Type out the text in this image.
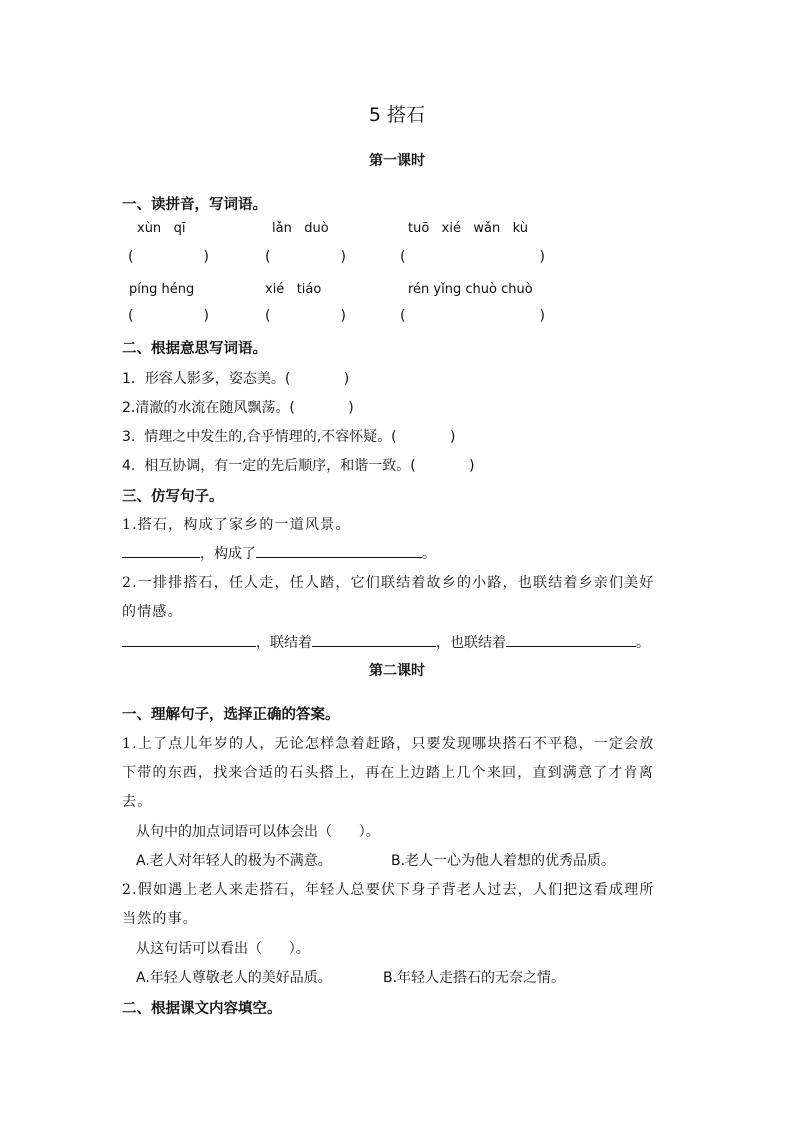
5 搭石
第一课时
一、读拼音，写词语。
xùn   qī	lǎn   duò	tuō   xié   wǎn   kù
(	)	(	)	(	)
píng héng	xié   tiáo	rén yǐng chuò chuò
(	)	(	)	(	)
二、根据意思写词语。
1．形容人影多，姿态美。(            )
2.清澈的水流在随风飘荡。(            )
3.  情理之中发生的,合乎情理的,不容怀疑。(            )
4.  相互协调，有一定的先后顺序，和谐一致。(            )
三、仿写句子。
1.搭石，构成了家乡的一道风景。
，构成了	。
2.一排排搭石，任人走，任人踏，它们联结着故乡的小路，也联结着乡亲们美好
的情感。
，联结着	，也联结着	。
第二课时
一、理解句子，选择正确的答案。
1.上了点儿年岁的人，无论怎样急着赶路，只要发现哪块搭石不平稳，一定会放
下带的东西，找来合适的石头搭上，再在上边踏上几个来回，直到满意了才肯离
去。
从句中的加点词语可以体会出（      ）。
A.老人对年轻人的极为不满意。	B.老人一心为他人着想的优秀品质。
2.假如遇上老人来走搭石，年轻人总要伏下身子背老人过去，人们把这看成理所
当然的事。
从这句话可以看出（      ）。
A.年轻人尊敬老人的美好品质。	B.年轻人走搭石的无奈之情。
二、根据课文内容填空。
